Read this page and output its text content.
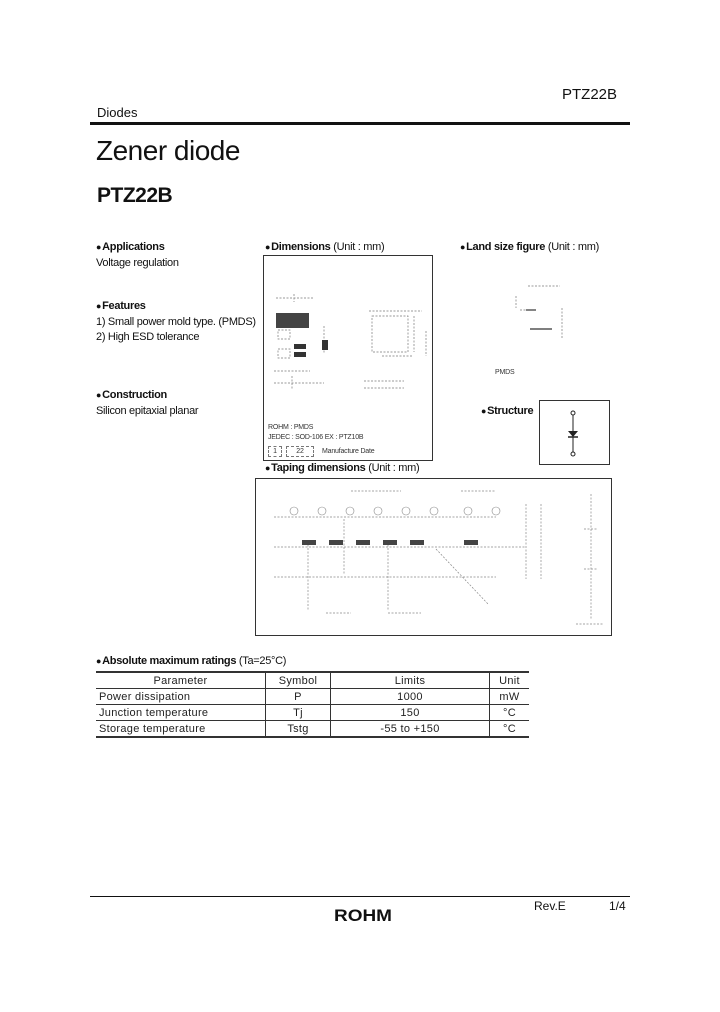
PTZ22B
Diodes
Zener diode
PTZ22B
●Applications
Voltage regulation
●Features
1) Small power mold type. (PMDS)
2) High ESD tolerance
●Construction
Silicon epitaxial planar
●Dimensions (Unit : mm)
ROHM : PMDS
JEDEC : SOD-106 EX : PTZ10B
1	22	Manufacture Date
●Land size figure (Unit : mm)
PMDS
●Structure
●Taping dimensions (Unit : mm)
●Absolute maximum ratings (Ta=25°C)
Parameter	Symbol	Limits	Unit
Power dissipation	P	1000	mW
Junction temperature	Tj	150	°C
Storage temperature	Tstg	-55 to +150	°C
Rev.E	1/4
ROHM
